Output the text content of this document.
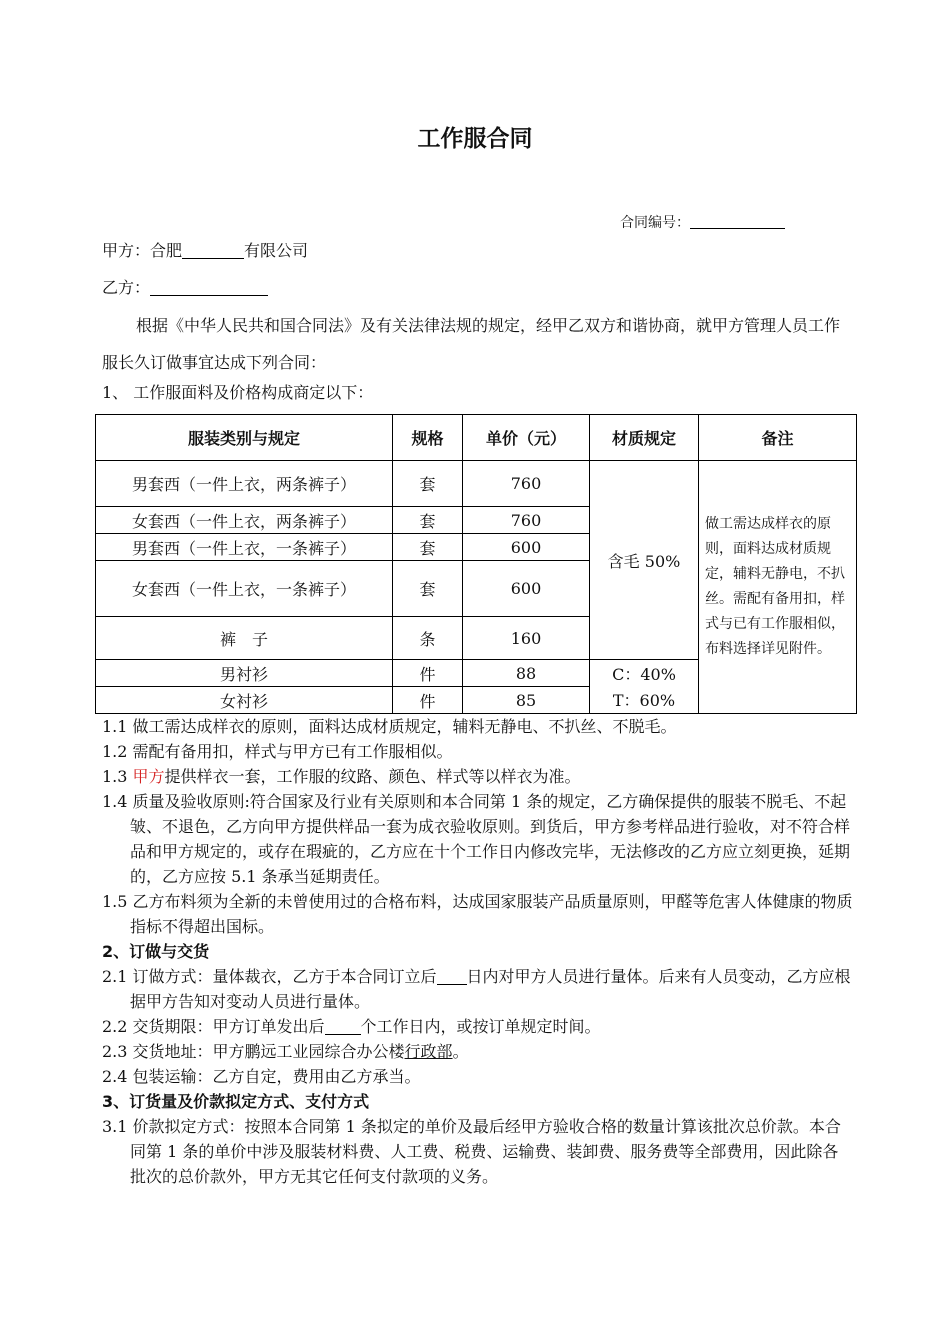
工作服合同
合同编号：
甲方：合肥	有限公司
乙方：
根据《中华人民共和国合同法》及有关法律法规的规定，经甲乙双方和谐协商，就甲方管理人员工作服长久订做事宜达成下列合同：
1、 工作服面料及价格构成商定以下：
服装类别与规定	规格	单价（元）	材质规定	备注
男套西（一件上衣，两条裤子）	套	760	含毛 50%	做工需达成样衣的原则，面料达成材质规定，辅料无静电，不扒丝。需配有备用扣，样式与已有工作服相似，布料选择详见附件。
女套西（一件上衣，两条裤子）	套	760		
男套西（一件上衣，一条裤子）	套	600		
女套西（一件上衣，一条裤子）	套	600		
裤　子	条	160		
男衬衫	件	88	C：40%	
女衬衫	件	85	T：60%	
1.1 做工需达成样衣的原则，面料达成材质规定，辅料无静电、不扒丝、不脱毛。
1.2 需配有备用扣，样式与甲方已有工作服相似。
1.3 甲方提供样衣一套，工作服的纹路、颜色、样式等以样衣为准。
1.4 质量及验收原则:符合国家及行业有关原则和本合同第 1 条的规定，乙方确保提供的服装不脱毛、不起皱、不退色，乙方向甲方提供样品一套为成衣验收原则。到货后，甲方参考样品进行验收，对不符合样品和甲方规定的，或存在瑕疵的，乙方应在十个工作日内修改完毕，无法修改的乙方应立刻更换，延期的，乙方应按 5.1 条承当延期责任。
1.5 乙方布料须为全新的未曾使用过的合格布料，达成国家服装产品质量原则，甲醛等危害人体健康的物质指标不得超出国标。
2、订做与交货
2.1 订做方式：量体裁衣，乙方于本合同订立后 日内对甲方人员进行量体。后来有人员变动，乙方应根据甲方告知对变动人员进行量体。
2.2 交货期限：甲方订单发出后 个工作日内，或按订单规定时间。
2.3 交货地址：甲方鹏远工业园综合办公楼行政部。
2.4 包装运输：乙方自定，费用由乙方承当。
3、订货量及价款拟定方式、支付方式
3.1 价款拟定方式：按照本合同第 1 条拟定的单价及最后经甲方验收合格的数量计算该批次总价款。本合同第 1 条的单价中涉及服装材料费、人工费、税费、运输费、装卸费、服务费等全部费用，因此除各批次的总价款外，甲方无其它任何支付款项的义务。
